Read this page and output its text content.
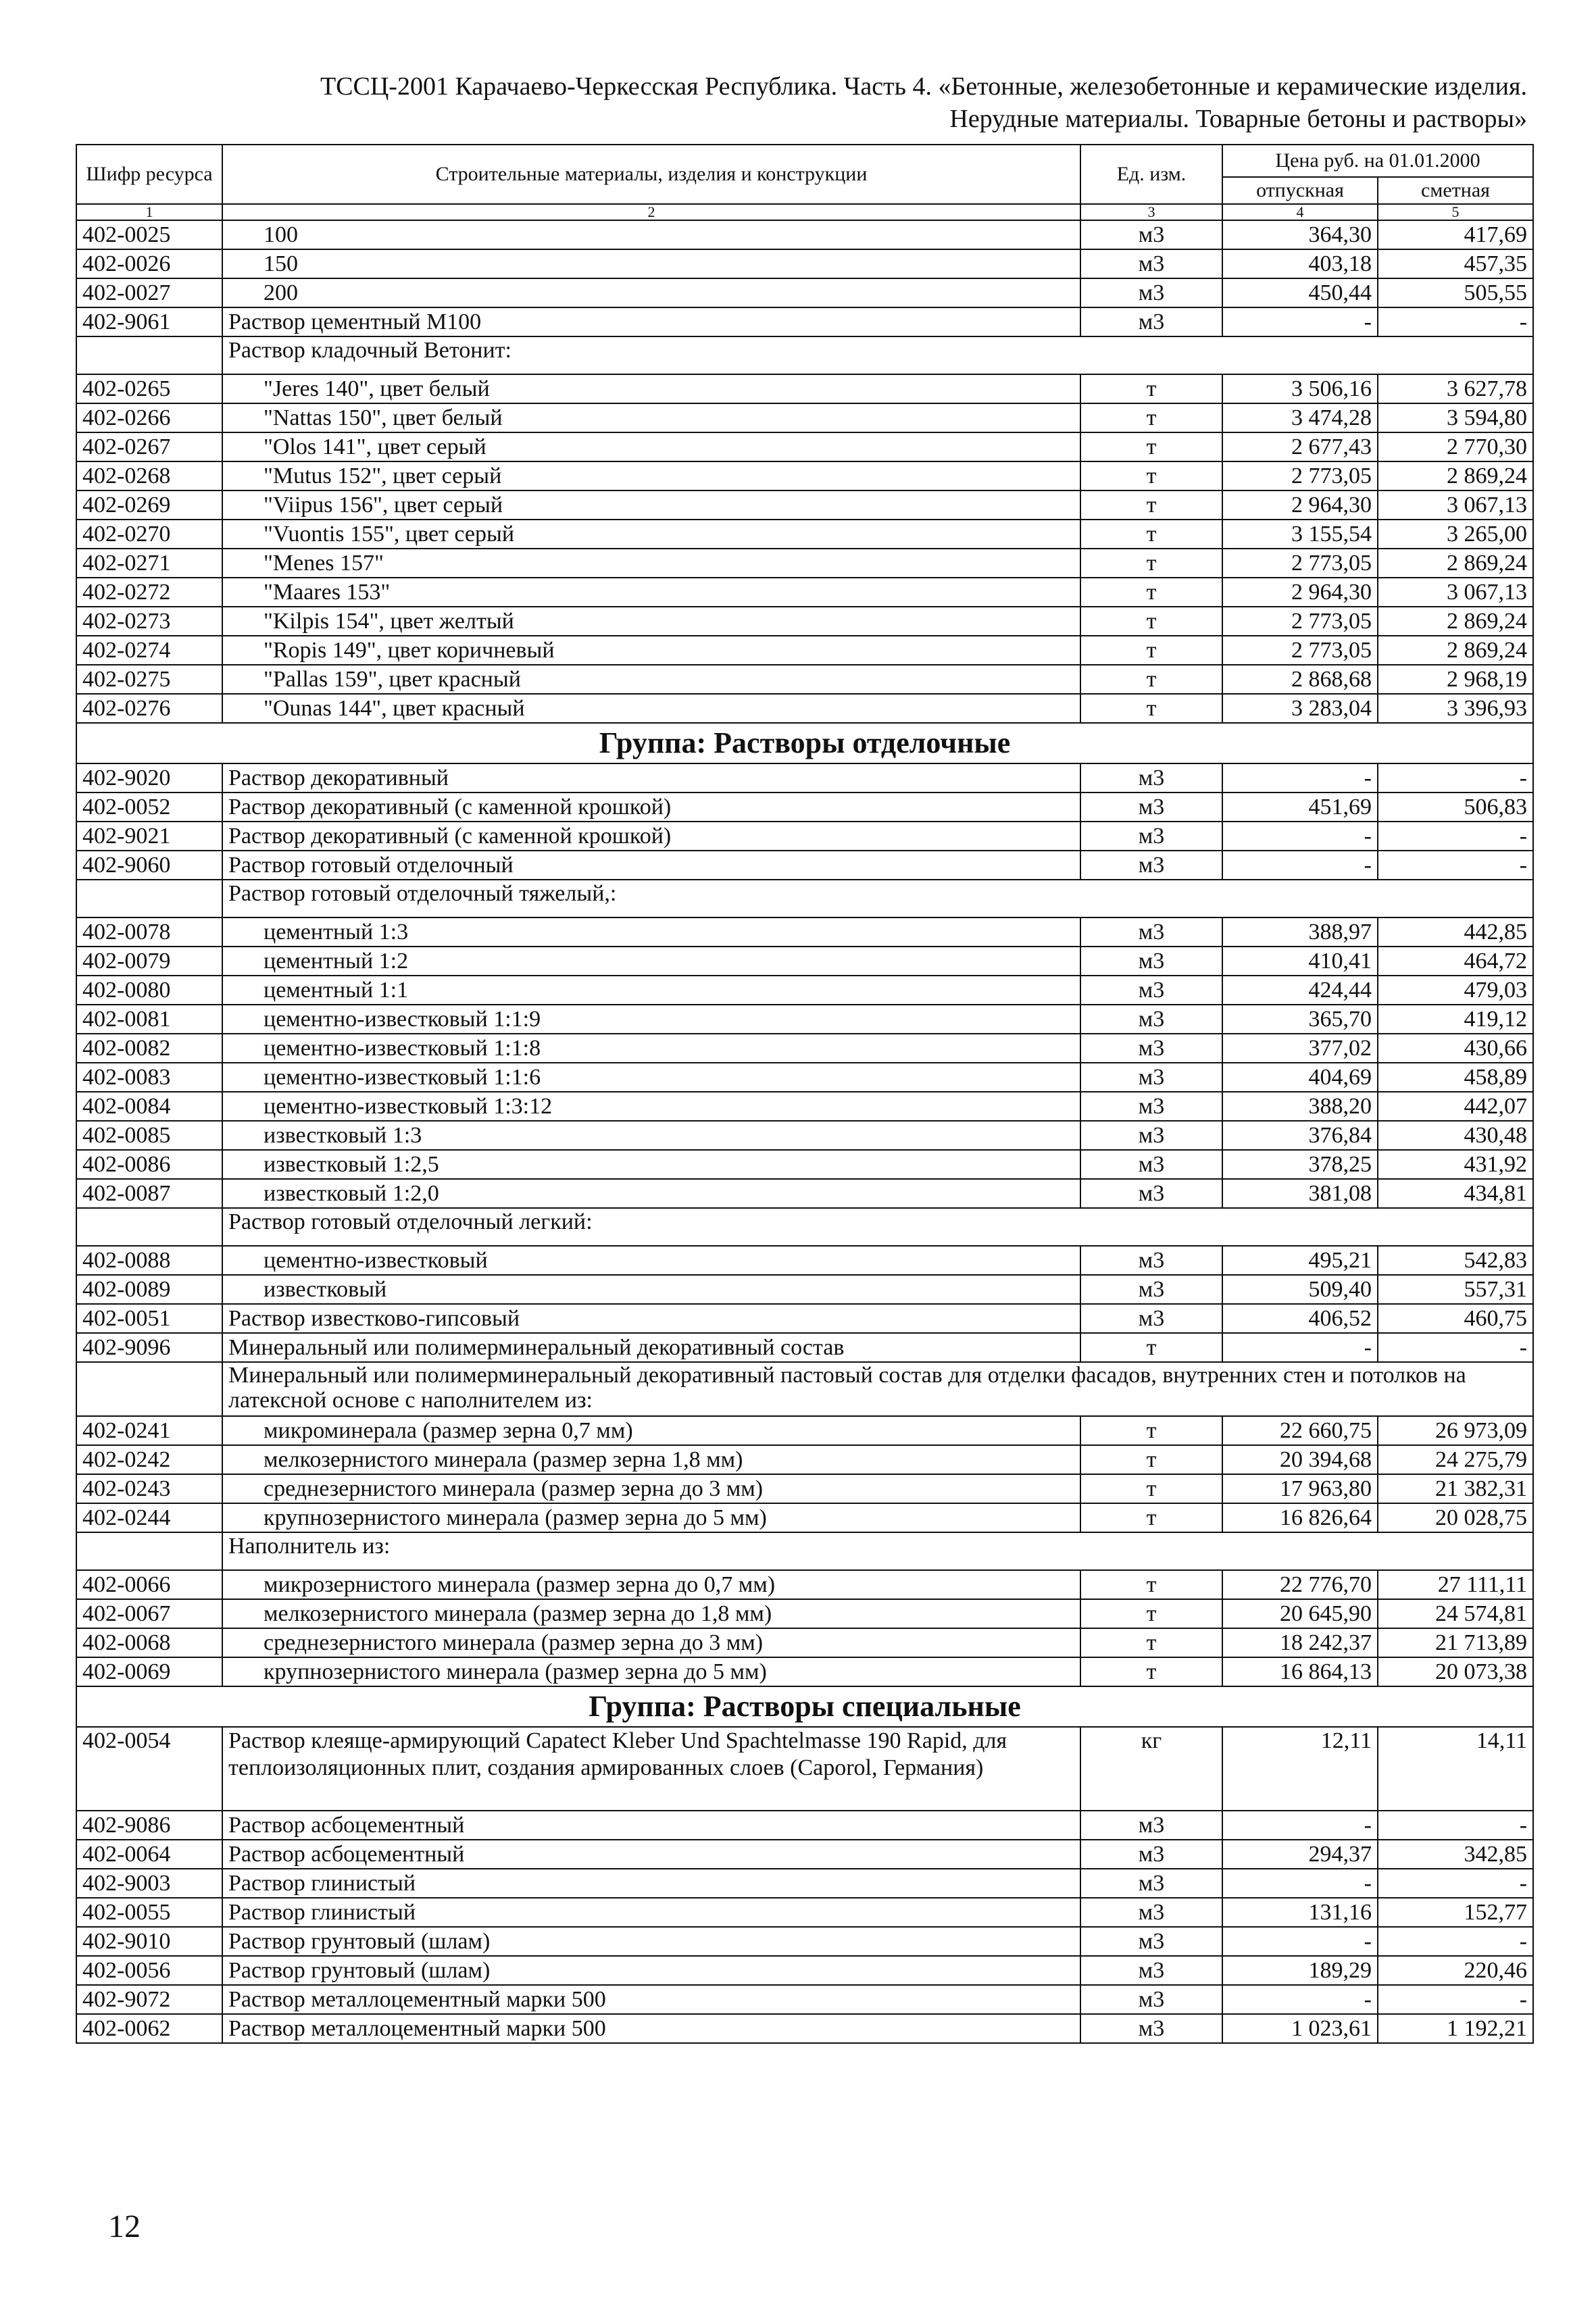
ТССЦ-2001 Карачаево-Черкесская Республика. Часть 4. «Бетонные, железобетонные и керамические изделия.
Нерудные материалы. Товарные бетоны и растворы»
Шифр ресурса	Строительные материалы, изделия и конструкции	Ед. изм.	Цена руб. на 01.01.2000	
			отпускная	сметная
1	2	3	4	5
402-0025	100	м3	364,30	417,69
402-0026	150	м3	403,18	457,35
402-0027	200	м3	450,44	505,55
402-9061	Раствор цементный М100	м3	-	-
	Раствор кладочный Ветонит:			
402-0265	"Jeres 140", цвет белый	т	3 506,16	3 627,78
402-0266	"Nattas 150", цвет белый	т	3 474,28	3 594,80
402-0267	"Olos 141", цвет серый	т	2 677,43	2 770,30
402-0268	"Mutus 152", цвет серый	т	2 773,05	2 869,24
402-0269	"Viipus 156", цвет серый	т	2 964,30	3 067,13
402-0270	"Vuontis 155", цвет серый	т	3 155,54	3 265,00
402-0271	"Menes 157"	т	2 773,05	2 869,24
402-0272	"Maares 153"	т	2 964,30	3 067,13
402-0273	"Kilpis 154", цвет желтый	т	2 773,05	2 869,24
402-0274	"Ropis 149", цвет коричневый	т	2 773,05	2 869,24
402-0275	"Pallas 159", цвет красный	т	2 868,68	2 968,19
402-0276	"Ounas 144", цвет красный	т	3 283,04	3 396,93
Группа: Растворы отделочные				
402-9020	Раствор декоративный	м3	-	-
402-0052	Раствор декоративный (с каменной крошкой)	м3	451,69	506,83
402-9021	Раствор декоративный (с каменной крошкой)	м3	-	-
402-9060	Раствор готовый отделочный	м3	-	-
	Раствор готовый отделочный тяжелый,:			
402-0078	цементный 1:3	м3	388,97	442,85
402-0079	цементный 1:2	м3	410,41	464,72
402-0080	цементный 1:1	м3	424,44	479,03
402-0081	цементно-известковый 1:1:9	м3	365,70	419,12
402-0082	цементно-известковый 1:1:8	м3	377,02	430,66
402-0083	цементно-известковый 1:1:6	м3	404,69	458,89
402-0084	цементно-известковый 1:3:12	м3	388,20	442,07
402-0085	известковый 1:3	м3	376,84	430,48
402-0086	известковый 1:2,5	м3	378,25	431,92
402-0087	известковый 1:2,0	м3	381,08	434,81
	Раствор готовый отделочный легкий:			
402-0088	цементно-известковый	м3	495,21	542,83
402-0089	известковый	м3	509,40	557,31
402-0051	Раствор известково-гипсовый	м3	406,52	460,75
402-9096	Минеральный или полимерминеральный декоративный состав	т	-	-
	Минеральный или полимерминеральный декоративный пастовый состав для отделки фасадов, внутренних стен и потолков на латексной основе с наполнителем из:			
402-0241	микроминерала (размер зерна 0,7 мм)	т	22 660,75	26 973,09
402-0242	мелкозернистого минерала (размер зерна 1,8 мм)	т	20 394,68	24 275,79
402-0243	среднезернистого минерала (размер зерна до 3 мм)	т	17 963,80	21 382,31
402-0244	крупнозернистого минерала (размер зерна до 5 мм)	т	16 826,64	20 028,75
	Наполнитель из:			
402-0066	микрозернистого минерала (размер зерна до 0,7 мм)	т	22 776,70	27 111,11
402-0067	мелкозернистого минерала (размер зерна до 1,8 мм)	т	20 645,90	24 574,81
402-0068	среднезернистого минерала (размер зерна до 3 мм)	т	18 242,37	21 713,89
402-0069	крупнозернистого минерала (размер зерна до 5 мм)	т	16 864,13	20 073,38
Группа: Растворы специальные				
402-0054	Раствор клеяще-армирующий Capatect Kleber Und Spachtelmasse 190 Rapid, для теплоизоляционных плит, создания армированных слоев (Caporol, Германия)	кг	12,11	14,11
402-9086	Раствор асбоцементный	м3	-	-
402-0064	Раствор асбоцементный	м3	294,37	342,85
402-9003	Раствор глинистый	м3	-	-
402-0055	Раствор глинистый	м3	131,16	152,77
402-9010	Раствор грунтовый (шлам)	м3	-	-
402-0056	Раствор грунтовый (шлам)	м3	189,29	220,46
402-9072	Раствор металлоцементный марки 500	м3	-	-
402-0062	Раствор металлоцементный марки 500	м3	1 023,61	1 192,21
12
